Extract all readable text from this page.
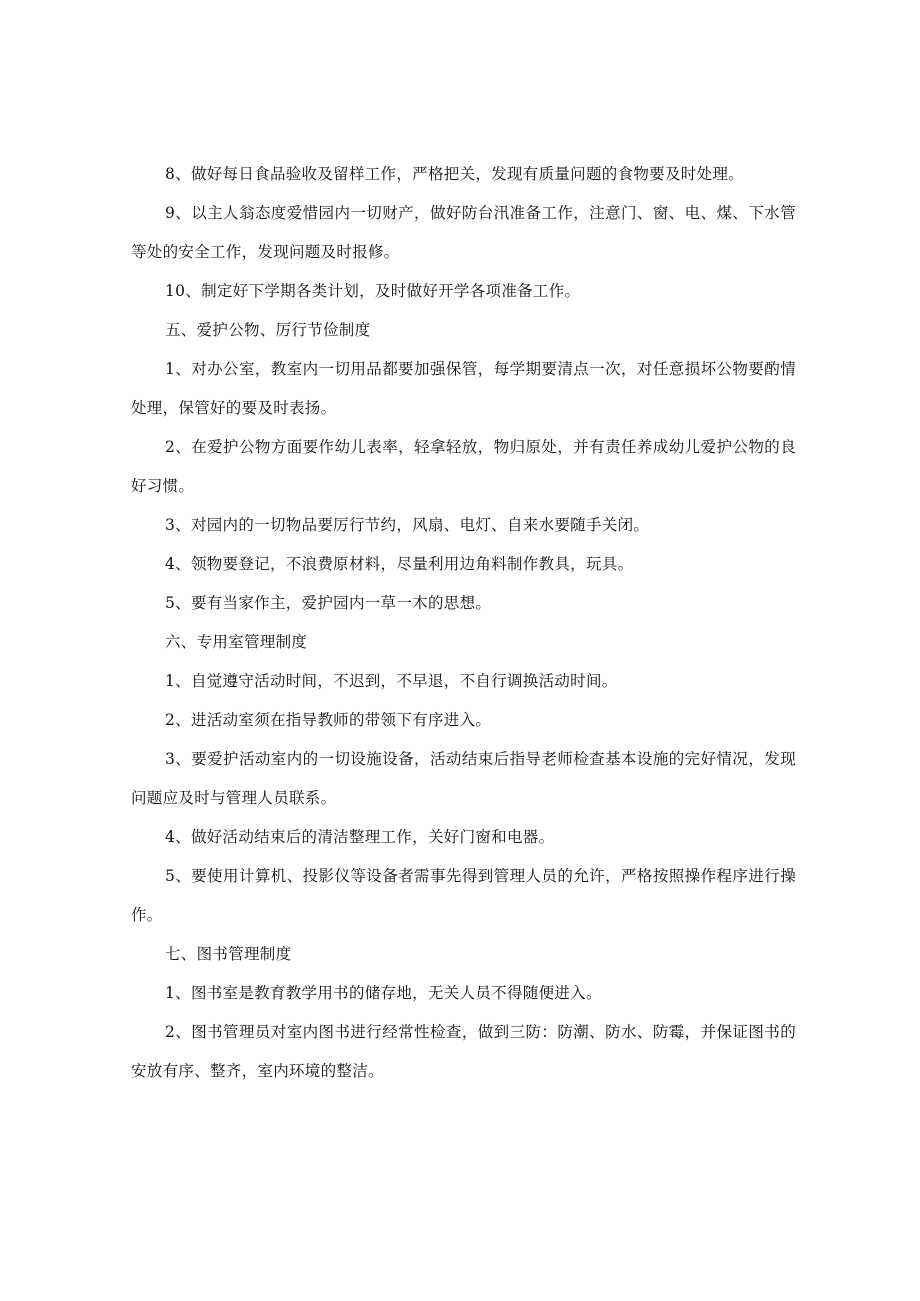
8、做好每日食品验收及留样工作，严格把关，发现有质量问题的食物要及时处理。

9、以主人翁态度爱惜园内一切财产，做好防台汛准备工作，注意门、窗、电、煤、下水管等处的安全工作，发现问题及时报修。

10、制定好下学期各类计划，及时做好开学各项准备工作。

五、爱护公物、厉行节俭制度

1、对办公室，教室内一切用品都要加强保管，每学期要清点一次，对任意损坏公物要酌情处理，保管好的要及时表扬。

2、在爱护公物方面要作幼儿表率，轻拿轻放，物归原处，并有责任养成幼儿爱护公物的良好习惯。

3、对园内的一切物品要厉行节约，风扇、电灯、自来水要随手关闭。

4、领物要登记，不浪费原材料，尽量利用边角料制作教具，玩具。

5、要有当家作主，爱护园内一草一木的思想。

六、专用室管理制度

1、自觉遵守活动时间，不迟到，不早退，不自行调换活动时间。

2、进活动室须在指导教师的带领下有序进入。

3、要爱护活动室内的一切设施设备，活动结束后指导老师检查基本设施的完好情况，发现问题应及时与管理人员联系。

4、做好活动结束后的清洁整理工作，关好门窗和电器。

5、要使用计算机、投影仪等设备者需事先得到管理人员的允许，严格按照操作程序进行操作。

七、图书管理制度

1、图书室是教育教学用书的储存地，无关人员不得随便进入。

2、图书管理员对室内图书进行经常性检查，做到三防：防潮、防水、防霉，并保证图书的安放有序、整齐，室内环境的整洁。
